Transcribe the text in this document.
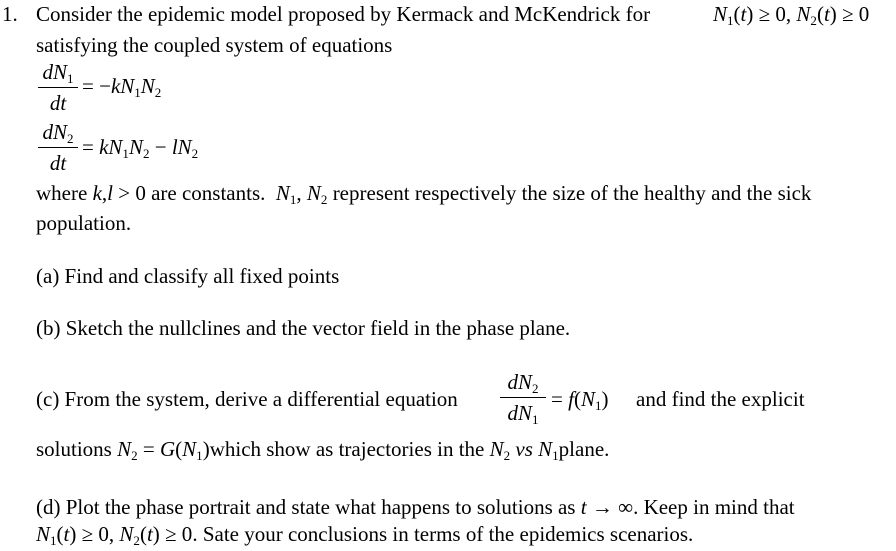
1. Consider the epidemic model proposed by Kermack and McKendrick for	$N_1(t) \ge 0$, $N_2(t) \ge 0$
satisfying the coupled system of equations
$dN_1$
dt
= $-kN_1N_2$
$dN_2$
dt
= $kN_1N_2 - lN_2$
where k,l > 0 are constants. $N_1$, $N_2$ represent respectively the size of the healthy and the sick
population.
(a) Find and classify all fixed points
(b) Sketch the nullclines and the vector field in the phase plane.
(c) From the system, derive a differential equation
$dN_2$
$dN_1$
= $f(N_1)$ and find the explicit
solutions $N_2$ = $G(N_1)which$ show as trajectories in the $N_2$ vs $N_1plane$.
(d) Plot the phase portrait and state what happens to solutions as t → ∞. Keep in mind that
$N_1(t) \ge 0$, $N_2(t) \ge 0$. Sate your conclusions in terms of the epidemics scenarios.
